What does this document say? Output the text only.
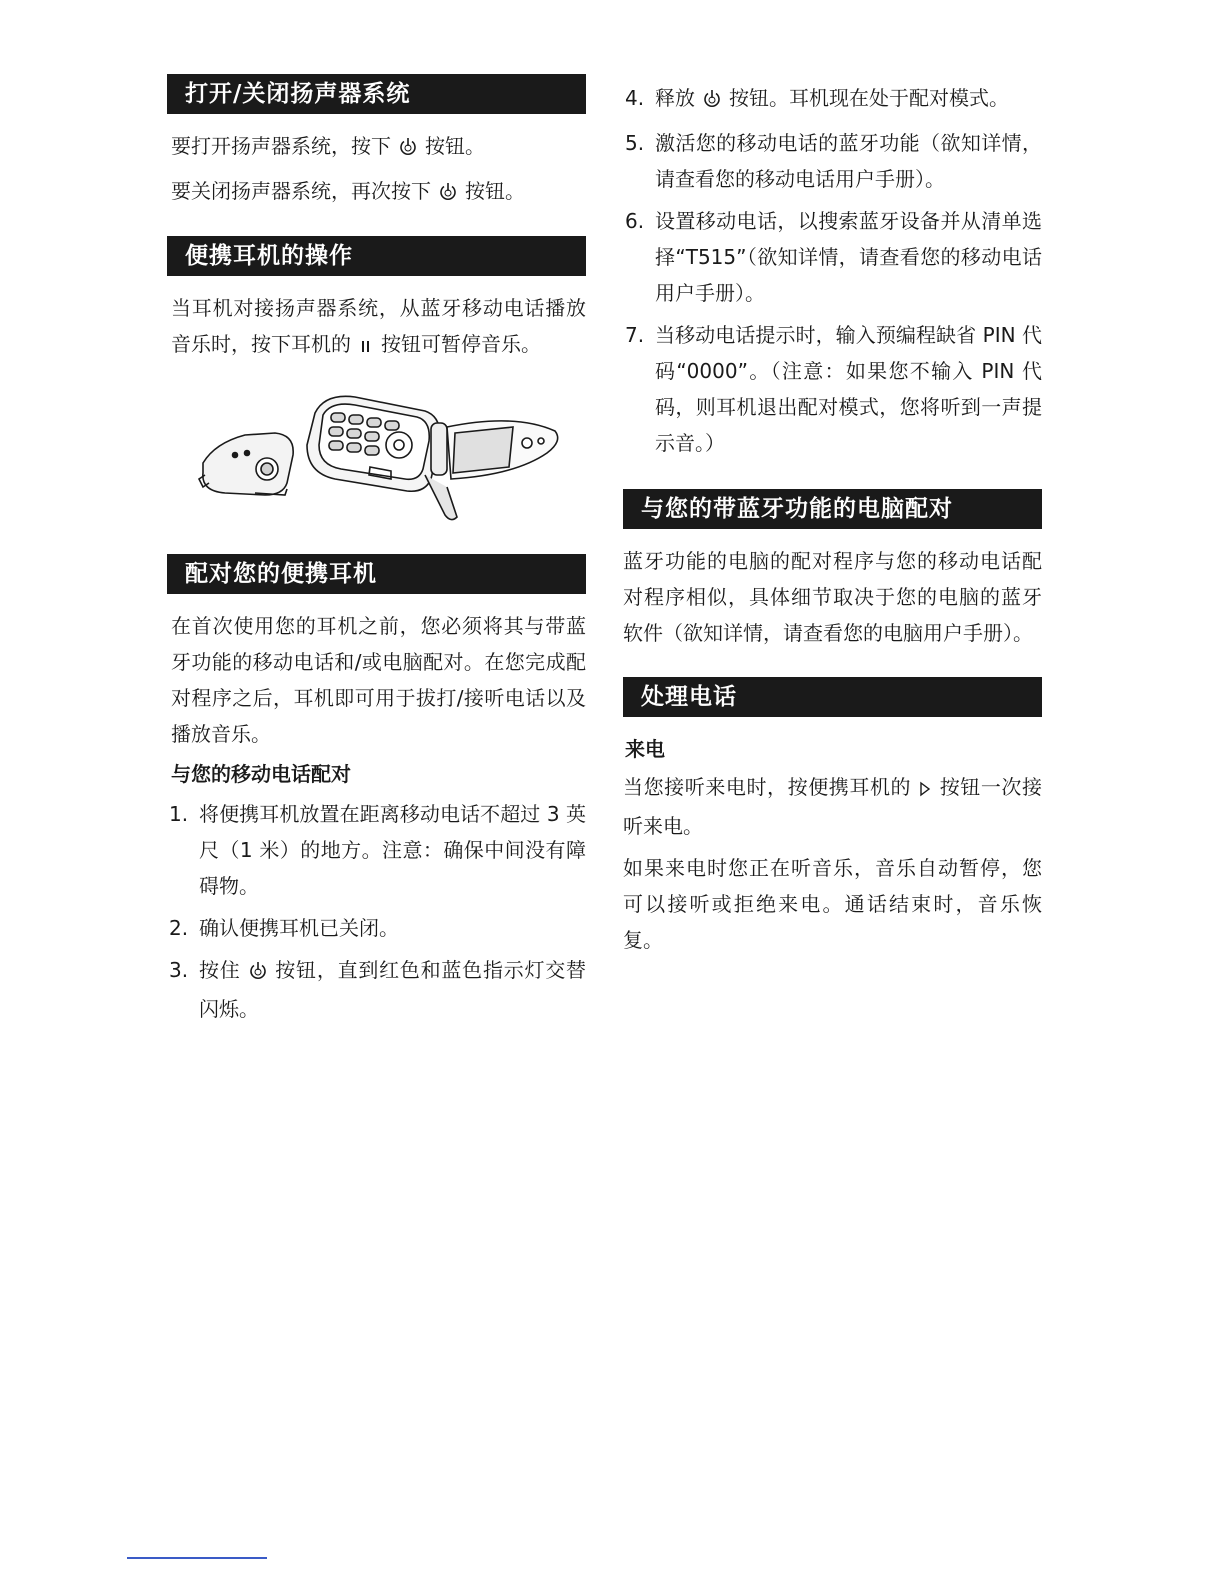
打开/关闭扬声器系统

要打开扬声器系统，按下 按钮。

要关闭扬声器系统，再次按下 按钮。

便携耳机的操作

当耳机对接扬声器系统，从蓝牙移动电话播放音乐时，按下耳机的 按钮可暂停音乐。

配对您的便携耳机

在首次使用您的耳机之前，您必须将其与带蓝牙功能的移动电话和/或电脑配对。在您完成配对程序之后，耳机即可用于拔打/接听电话以及播放音乐。

与您的移动电话配对

1. 将便携耳机放置在距离移动电话不超过 3 英尺（1 米）的地方。注意：确保中间没有障碍物。
2. 确认便携耳机已关闭。
3. 按住 按钮，直到红色和蓝色指示灯交替闪烁。
4. 释放 按钮。耳机现在处于配对模式。
5. 激活您的移动电话的蓝牙功能（欲知详情，请查看您的移动电话用户手册）。
6. 设置移动电话，以搜索蓝牙设备并从清单选择“T515”（欲知详情，请查看您的移动电话用户手册）。
7. 当移动电话提示时，输入预编程缺省 PIN 代码“0000”。（注意：如果您不输入 PIN 代码，则耳机退出配对模式，您将听到一声提示音。）
与您的带蓝牙功能的电脑配对

蓝牙功能的电脑的配对程序与您的移动电话配对程序相似，具体细节取决于您的电脑的蓝牙软件（欲知详情，请查看您的电脑用户手册）。

处理电话

来电

当您接听来电时，按便携耳机的 按钮一次接听来电。

如果来电时您正在听音乐，音乐自动暂停，您可以接听或拒绝来电。通话结束时，音乐恢复。
